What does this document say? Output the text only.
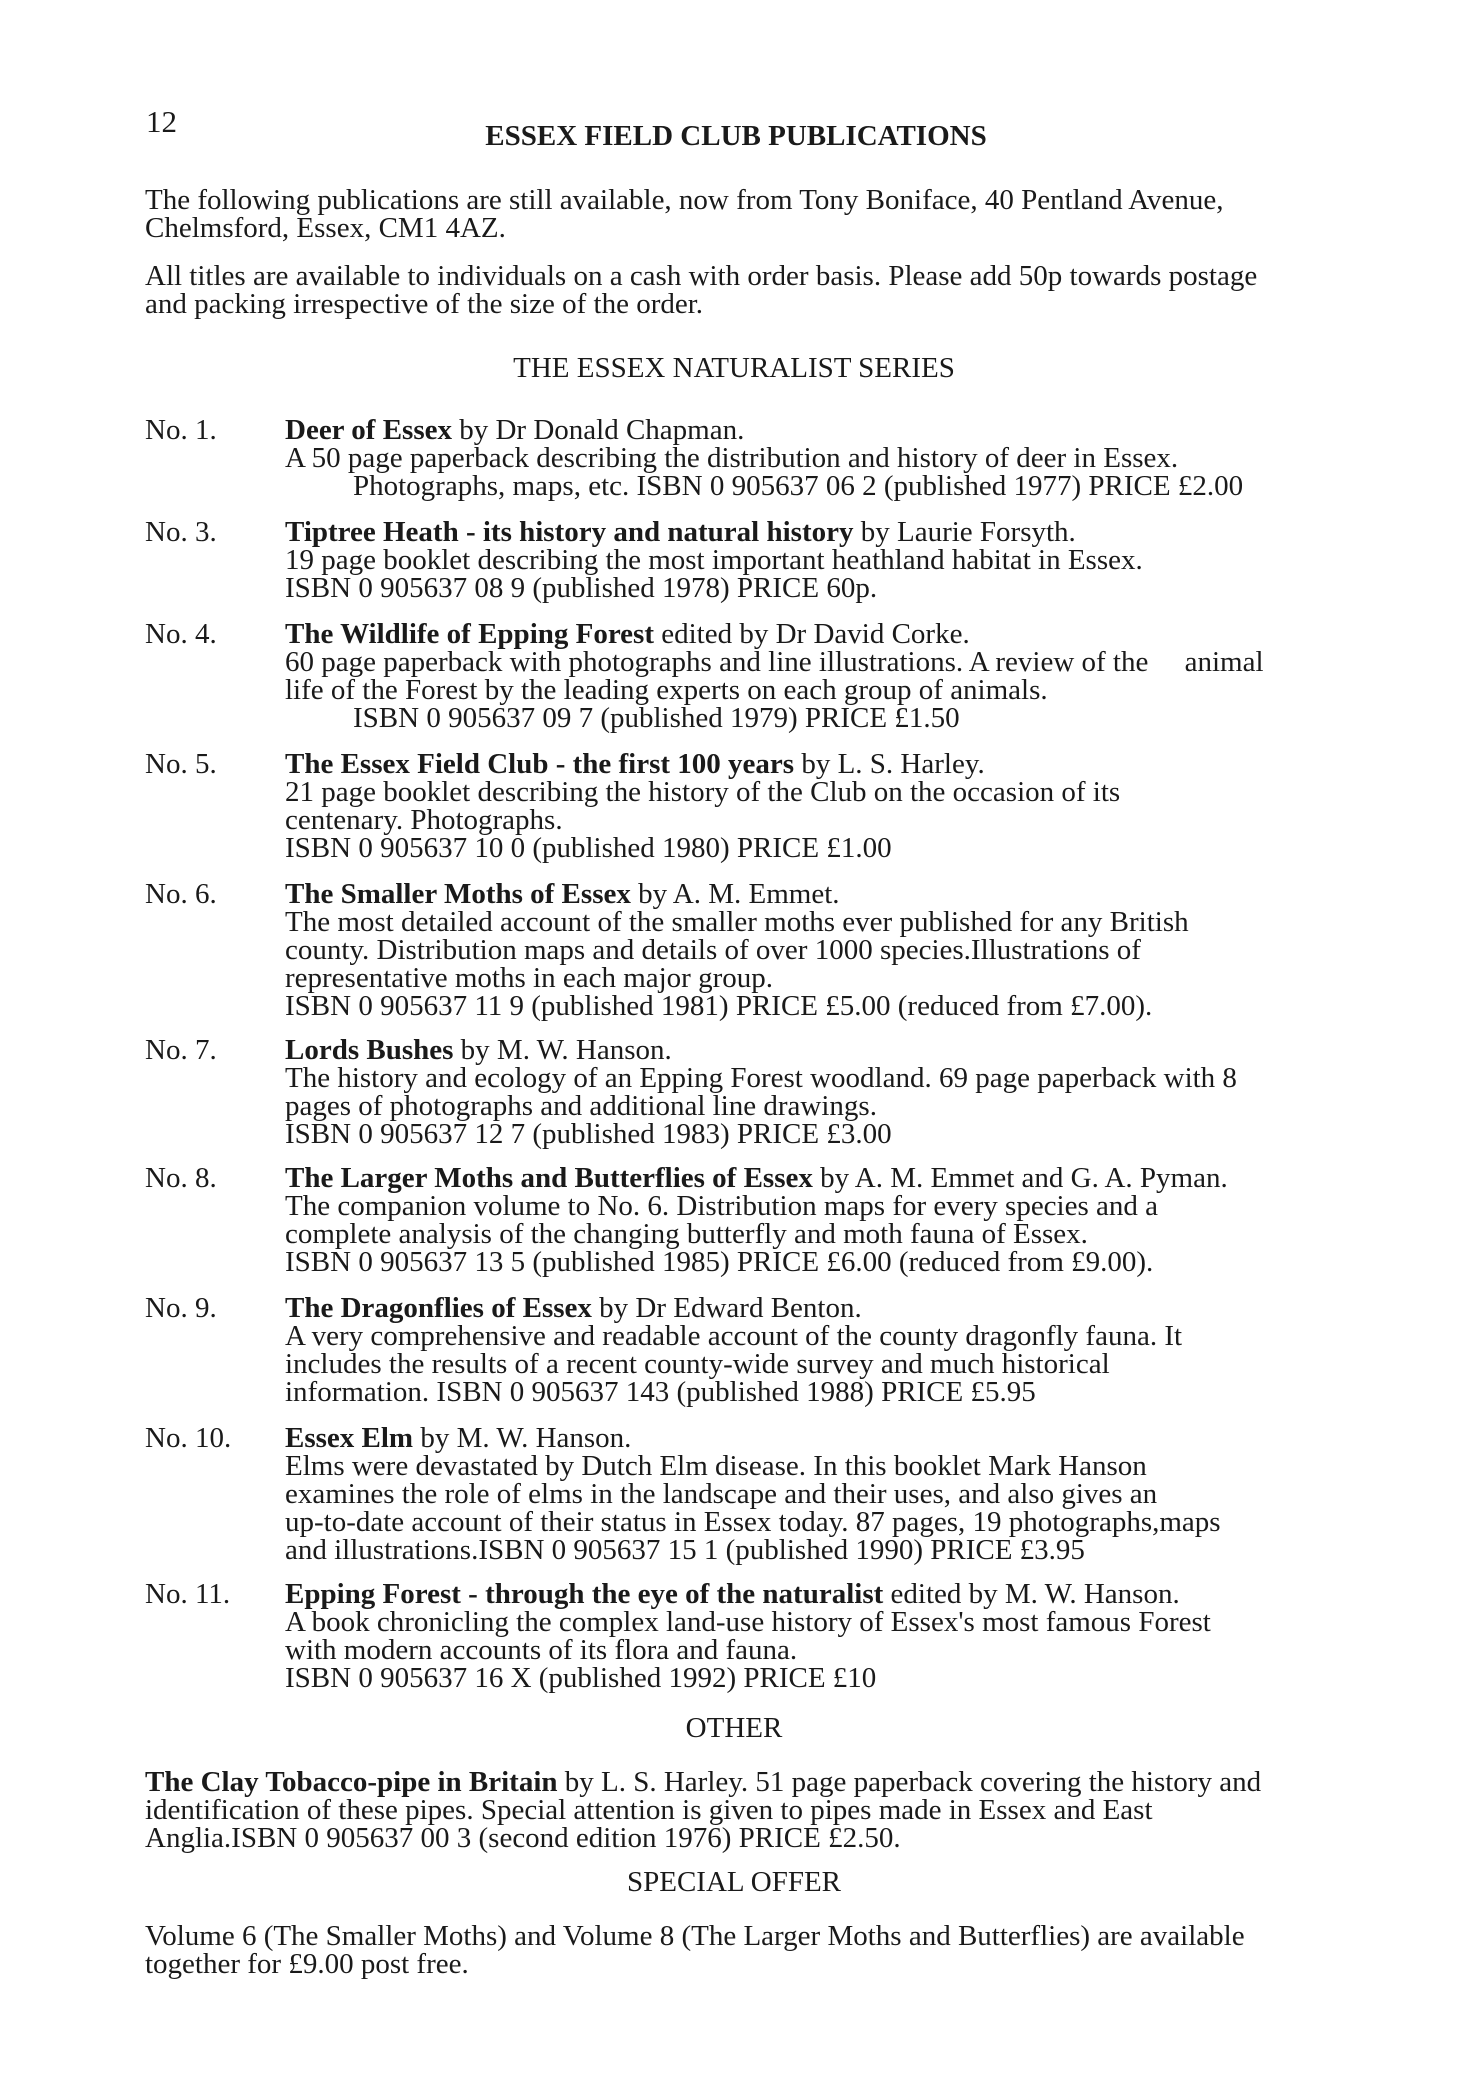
12	ESSEX FIELD CLUB PUBLICATIONS
The following publications are still available, now from Tony Boniface, 40 Pentland Avenue,
Chelmsford, Essex, CM1 4AZ.
All titles are available to individuals on a cash with order basis. Please add 50p towards postage
and packing irrespective of the size of the order.
THE ESSEX NATURALIST SERIES
No. 1. Deer of Essex by Dr Donald Chapman.
A 50 page paperback describing the distribution and history of deer in Essex.
Photographs, maps, etc. ISBN 0 905637 06 2 (published 1977) PRICE £2.00
No. 3. Tiptree Heath - its history and natural history by Laurie Forsyth.
19 page booklet describing the most important heathland habitat in Essex.
ISBN 0 905637 08 9 (published 1978) PRICE 60p.
No. 4. The Wildlife of Epping Forest edited by Dr David Corke.
60 page paperback with photographs and line illustrations. A review of the     animal
life of the Forest by the leading experts on each group of animals.
ISBN 0 905637 09 7 (published 1979) PRICE £1.50
No. 5. The Essex Field Club - the first 100 years by L. S. Harley.
21 page booklet describing the history of the Club on the occasion of its
centenary. Photographs.
ISBN 0 905637 10 0 (published 1980) PRICE £1.00
No. 6. The Smaller Moths of Essex by A. M. Emmet.
The most detailed account of the smaller moths ever published for any British
county. Distribution maps and details of over 1000 species.Illustrations of
representative moths in each major group.
ISBN 0 905637 11 9 (published 1981) PRICE £5.00 (reduced from £7.00).
No. 7. Lords Bushes by M. W. Hanson.
The history and ecology of an Epping Forest woodland. 69 page paperback with 8
pages of photographs and additional line drawings.
ISBN 0 905637 12 7 (published 1983) PRICE £3.00
No. 8. The Larger Moths and Butterflies of Essex by A. M. Emmet and G. A. Pyman.
The companion volume to No. 6. Distribution maps for every species and a
complete analysis of the changing butterfly and moth fauna of Essex.
ISBN 0 905637 13 5 (published 1985) PRICE £6.00 (reduced from £9.00).
No. 9. The Dragonflies of Essex by Dr Edward Benton.
A very comprehensive and readable account of the county dragonfly fauna. It
includes the results of a recent county-wide survey and much historical
information. ISBN 0 905637 143 (published 1988) PRICE £5.95
No. 10. Essex Elm by M. W. Hanson.
Elms were devastated by Dutch Elm disease. In this booklet Mark Hanson
examines the role of elms in the landscape and their uses, and also gives an
up-to-date account of their status in Essex today. 87 pages, 19 photographs,maps
and illustrations.ISBN 0 905637 15 1 (published 1990) PRICE £3.95
No. 11. Epping Forest - through the eye of the naturalist edited by M. W. Hanson.
A book chronicling the complex land-use history of Essex's most famous Forest
with modern accounts of its flora and fauna.
ISBN 0 905637 16 X (published 1992) PRICE £10
OTHER
The Clay Tobacco-pipe in Britain by L. S. Harley. 51 page paperback covering the history and
identification of these pipes. Special attention is given to pipes made in Essex and East
Anglia.ISBN 0 905637 00 3 (second edition 1976) PRICE £2.50.
SPECIAL OFFER
Volume 6 (The Smaller Moths) and Volume 8 (The Larger Moths and Butterflies) are available
together for £9.00 post free.
